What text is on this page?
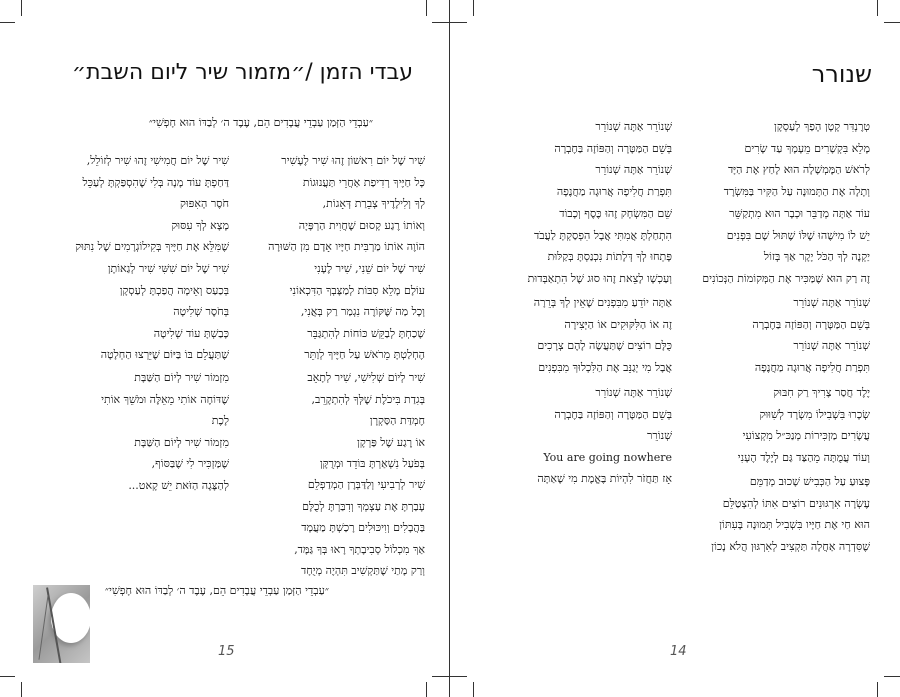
עבדי הזמן /״מזמור שיר ליום השבת״
״עַבְדֵי הַזְּמַן עַבְדֵי עֲבָדִים הֵם, עֶבֶד ה׳ לְבַדּוֹ הוּא חָפְשִׁי״
שִׁיר שֶׁל יוֹם רִאשׁוֹן זֶהוּ שִׁיר לֶעָשִׁיר
כָּל חַיֶּיךָ רְדִיפַת אַחֲרֵי תַּעֲנוּגוֹת
לְךָ וְלִילָדֶיךָ צְבֵרַת דְּאָגוֹת,
וְאוֹתוֹ רֶגַע קָסוּם שֶׁחֲוִית הַרְפָּיָה
הוֹוֶה אוֹתוֹ מַרְבִּית חַיָּיו אָדָם מִן הַשּׁוּרָה
שִׁיר שֶׁל יוֹם שֵׁנִי, שִׁיר לֶעָנִי
עוֹלָם מָלֵא סִבּוֹת לְמַצָּבְךָ הַדִּכְאוֹנִי
וְכָל מַה שֶּׁקּוֹרֶה נִגְמַר רַק בְּאֲנִי,
שָׁכַחְתָּ לְבַקֵּשׁ כּוֹחוֹת לְהִתְגַּבֵּר
הֶחְלַטְתָּ מֵרֹאשׁ עַל חַיֶּיךָ לְוַתֵּר
שִׁיר לְיוֹם שְׁלִישִׁי, שִׁיר לְתָאֵב
בְּגִדַת בִּיכֹלֶת שֶׁלְּךָ לְהִתְקָרֵב,
חֶמְדַּת הַסַּקְרָן
אוֹ רֶגַע שֶׁל פַּרְקָן
בְּפֹעַל נִשְׁאַרְתָּ בּוֹדֵד וּמְרֻקָּן
שִׁיר לְרְבִיעִי וְלַדַּבְּרָן הַמְדַפְלֵם
עָבַרְתָּ אֶת עַצְמְךָ וְדִבַּרְתָּ לְכֻלָּם
בַּהֲבָלִים וְוִיכּוּלִים רָכַשְׁתָּ מַעֲמָד
אַךְ מִכְלוֹל סְבִיבָתְךָ רָאוּ בְּךָ גַּמָּד,
וְרַק מָתַי שֶׁתַּקְשִׁיב תִּהְיֶה מְיֻחָד
שִׁיר שֶׁל יוֹם חֲמִישִׁי זֶהוּ שִׁיר לְזוֹלֵל,
דַּחַפְתָּ עוֹד מָנָה בְּלִי שֶׁהִסְפַּקְתָּ לְעַכֵּל
חֹסֶר הָאִפּוּק
מָצָא לְךָ עִסּוּק
שֶׁמִּלֵּא אֶת חַיֶּיךָ בְּקִילוֹגְרָמִים שֶׁל נִתּוּק
שִׁיר שֶׁל יוֹם שִׁשִּׁי שִׁיר לְגַאוֹתָן
בְּכַעַס וְאֵימָה הֲפַכְתָּ לְעַסְקָן
בְּחֹסֶר שְׁלִיטָה
כָּבַשְׁתָּ עוֹד שְׁלִיטָה
שֶׁתַּעֲלֵם בּוֹ בַּיּוֹם שֶׁיֵּרְצוּ הַחְלָטָה
מִזְמוֹר שִׁיר לְיוֹם הַשַּׁבָּת
שֶׁדּוֹחֶה אוֹתִי מֵאֵלֶּה וּמֹשֵׁךְ אוֹתִי
לָכֶת
מִזְמוֹר שִׁיר לְיוֹם הַשַּׁבָּת
שֶׁמַּזְכִּיר לִי שֶׁבַּסּוֹף,
לְהַצָּגָה הַזֹּאת יֵשׁ קָאט...
״עַבְדֵי הַזְּמַן עַבְדֵי עֲבָדִים הֵם, עֶבֶד ה׳ לְבַדּוֹ הוּא חָפְשִׁי״
15
שנורר
טְרֶנְדִּר קָטָן הָפַךְ לְעַסְקָן
מָלֵא בִּקְשָׁרִים מֵעָמָךְ עַד שָׂרִים
לְרֹאשׁ הַמֶּמְשָׁלָה הוּא לָחַץ אֶת הַיָּד
וְתָלָה אֶת הַתְּמוּנָה עַל הַקִּיר בַּמִּשְׂרָד
עוֹד אַתָּה מְדַבֵּר וּכְבָר הוּא מִתְקַשֵּׁר
יֵשׁ לוֹ מִישֶׁהוּ שֶׁלּוֹ שֶׁתּוּל שָׁם בִּפְנִים
יַקְנֶה לְךָ הַכֹּל יָקָר אַךְ בְּזוֹל
זֶה רַק הוּא שֶׁמַּכִּיר אֶת הַמְּקוֹמוֹת הַנְּכוֹנִים
שְׁנוֹרֵר אַתָּה שְׁנוֹרֵר
בְּשֵׁם הַמַּטָּרָה וְהַפּוֹזָה בַּחֶבְרָה
שְׁנוֹרֵר אַתָּה שְׁנוֹרֵר
תִּפְרַת חֲלִיפָה אֲרוּגָה מַחֲנֶפָה
יֶלֶד חֲסַר צָרִיךְ רַק חִבּוּק
שְׂכָרוּ בִּשְׁבִילוֹ מִשְׂרָד לְשִׁוּוּק
עֲשָׂרִים מַזְכִּירוֹת מְנַכּ״ל מִקְצוֹעִי
וְעוֹד עֲמֻתָּה מֵהַצַּד גַּם לְיֶלֶד הֶעָנִי
פָּצוּעַ עַל הַכְּבִישׁ שָׁכוּב מְדַמֵּם
עֶשְׂרָה אִרְגּוּנִים רוֹצִים אִתּוֹ לְהִצְטַלֵּם
הוּא חַי אֶת חַיָּיו בִּשְׁבִיל תְּמוּנָה בָּעִתּוֹן
שֶׁסִּדְרָה אַחֲלָה תַּקְצִיב לְאִרְגּוּן הֲלֹא נָכוֹן
שְׁנוֹרֵר אַתָּה שְׁנוֹרֵר
בְּשֵׁם הַמַּטָּרָה וְהַפּוֹזָה בַּחֶבְרָה
שְׁנוֹרֵר אַתָּה שְׁנוֹרֵר
תִּפְרַת חֲלִיפָה אֲרוּגָה מַחֲנֶפָה
שֵׁם הַמִּשְׂחָק זֶהוּ כֶּסֶף וְכָבוֹד
הִתְחַלְתָּ אֲמִתִּי אֲבָל הִפְסַקְתָּ לַעֲבֹד
פָּתְחוּ לְךָ דְּלָתוֹת נִכְנַסְתָּ בְּקַלּוּת
וְעַכְשָׁו לָצֵאת זֶהוּ סוּג שֶׁל הִתְאַבְּדוּת
אַתָּה יוֹדֵעַ מִבִּפְנִים שֶׁאֵין לְךָ בְּרֵרָה
זֶה אוֹ הַלִּקּוּקִים אוֹ הַיְּצִירָה
כֻּלָּם רוֹצִים שֶׁתַּעֲשֶׂה לָהֶם צְרָכִים
אֲבָל מִי יְגַנֵּב אֶת הַלִּכְלוּךְ מִבִּפְנִים
שְׁנוֹרֵר אַתָּה שְׁנוֹרֵר
בְּשֵׁם הַמַּטָּרָה וְהַפּוֹזָה בַּחֶבְרָה
שְׁנוֹרֵר
You are going nowhere
אָז תַּחֲזֹר לִהְיוֹת בֶּאֱמֶת מִי שֶׁאַתָּה
14
